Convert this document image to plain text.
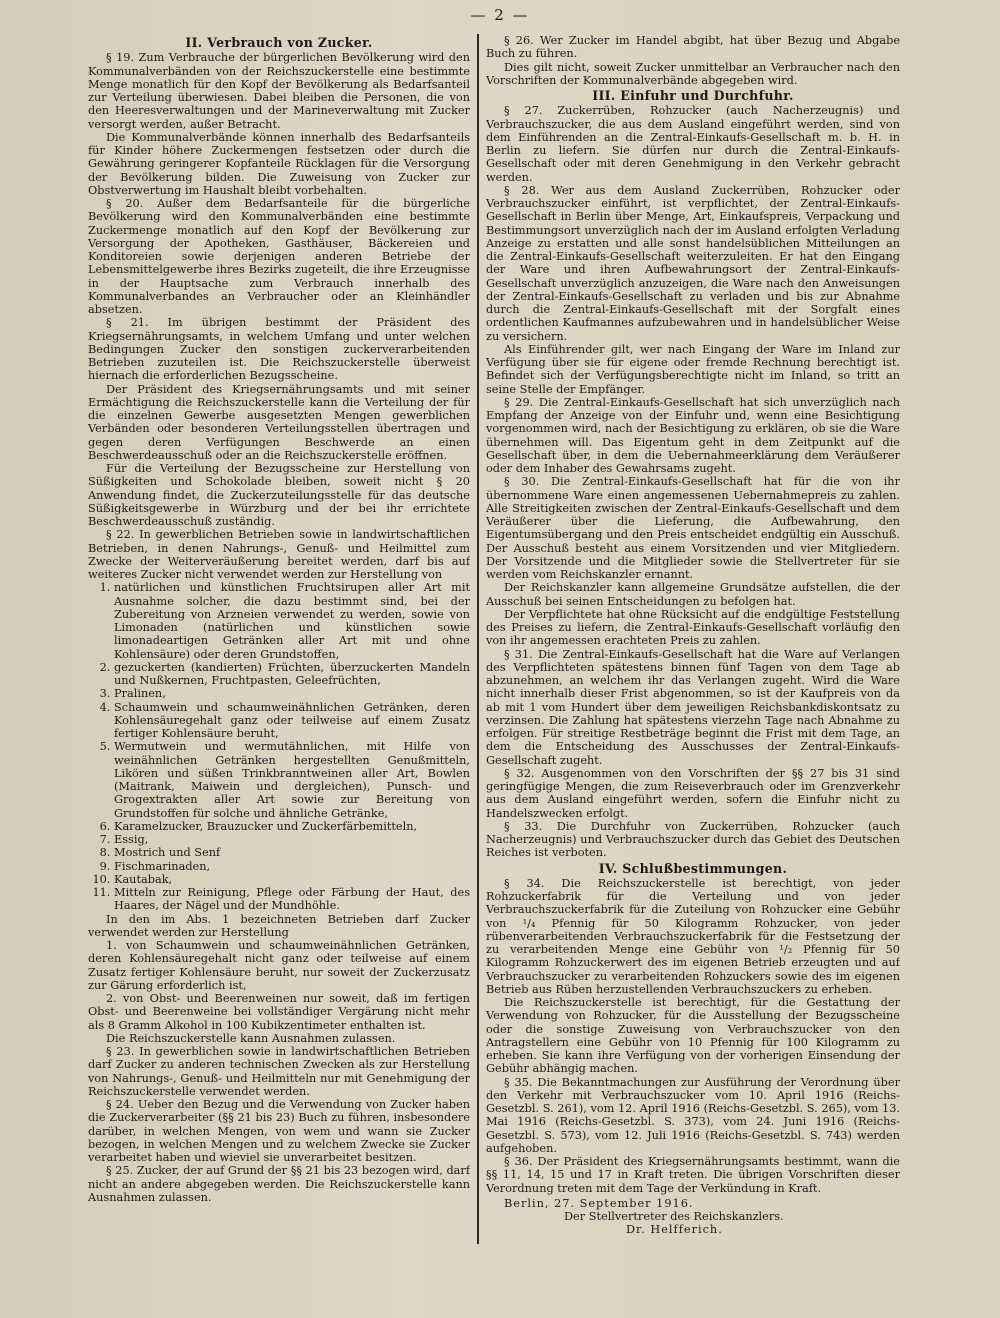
— 2 —
II. Verbrauch von Zucker.

§ 19. Zum Verbrauche der bürgerlichen Bevölkerung wird den Kommunalverbänden von der Reichszuckerstelle eine bestimmte Menge monatlich für den Kopf der Bevölkerung als Bedarfsanteil zur Verteilung überwiesen. Dabei bleiben die Personen, die von den Heeresverwaltungen und der Marineverwaltung mit Zucker versorgt werden, außer Betracht.

Die Kommunalverbände können innerhalb des Bedarfsanteils für Kinder höhere Zuckermengen festsetzen oder durch die Gewährung geringerer Kopfanteile Rücklagen für die Versorgung der Bevölkerung bilden. Die Zuweisung von Zucker zur Obstverwertung im Haushalt bleibt vorbehalten.

§ 20. Außer dem Bedarfsanteile für die bürgerliche Bevölkerung wird den Kommunalverbänden eine bestimmte Zuckermenge monatlich auf den Kopf der Bevölkerung zur Versorgung der Apotheken, Gasthäuser, Bäckereien und Konditoreien sowie derjenigen anderen Betriebe der Lebensmittelgewerbe ihres Bezirks zugeteilt, die ihre Erzeugnisse in der Hauptsache zum Verbrauch innerhalb des Kommunalverbandes an Verbraucher oder an Kleinhändler absetzen.

§ 21. Im übrigen bestimmt der Präsident des Kriegsernährungsamts, in welchem Umfang und unter welchen Bedingungen Zucker den sonstigen zuckerverarbeitenden Betrieben zuzuteilen ist. Die Reichszuckerstelle überweist hiernach die erforderlichen Bezugsscheine.

Der Präsident des Kriegsernährungsamts und mit seiner Ermächtigung die Reichszuckerstelle kann die Verteilung der für die einzelnen Gewerbe ausgesetzten Mengen gewerblichen Verbänden oder besonderen Verteilungsstellen übertragen und gegen deren Verfügungen Beschwerde an einen Beschwerdeausschuß oder an die Reichszuckerstelle eröffnen.

Für die Verteilung der Bezugsscheine zur Herstellung von Süßigkeiten und Schokolade bleiben, soweit nicht § 20 Anwendung findet, die Zuckerzuteilungsstelle für das deutsche Süßigkeitsgewerbe in Würzburg und der bei ihr errichtete Beschwerdeausschuß zuständig.

§ 22. In gewerblichen Betrieben sowie in landwirtschaftlichen Betrieben, in denen Nahrungs-, Genuß- und Heilmittel zum Zwecke der Weiterveräußerung bereitet werden, darf bis auf weiteres Zucker nicht verwendet werden zur Herstellung von

1. natürlichen und künstlichen Fruchtsirupen aller Art mit Ausnahme solcher, die dazu bestimmt sind, bei der Zubereitung von Arzneien verwendet zu werden, sowie von Limonaden (natürlichen und künstlichen sowie limonadeartigen Getränken aller Art mit und ohne Kohlensäure) oder deren Grundstoffen,
2. gezuckerten (kandierten) Früchten, überzuckerten Mandeln und Nußkernen, Fruchtpasten, Geleefrüchten,
3. Pralinen,
4. Schaumwein und schaumweinähnlichen Getränken, deren Kohlensäuregehalt ganz oder teilweise auf einem Zusatz fertiger Kohlensäure beruht,
5. Wermutwein und wermutähnlichen, mit Hilfe von weinähnlichen Getränken hergestellten Genußmitteln, Likören und süßen Trinkbranntweinen aller Art, Bowlen (Maitrank, Maiwein und dergleichen), Punsch- und Grogextrakten aller Art sowie zur Bereitung von Grundstoffen für solche und ähnliche Getränke,
6. Karamelzucker, Brauzucker und Zuckerfärbemitteln,
7. Essig,
8. Mostrich und Senf
9. Fischmarinaden,
10. Kautabak,
11. Mitteln zur Reinigung, Pflege oder Färbung der Haut, des Haares, der Nägel und der Mundhöhle.

In den im Abs. 1 bezeichneten Betrieben darf Zucker verwendet werden zur Herstellung

1. von Schaumwein und schaumweinähnlichen Getränken, deren Kohlensäuregehalt nicht ganz oder teilweise auf einem Zusatz fertiger Kohlensäure beruht, nur soweit der Zuckerzusatz zur Gärung erforderlich ist,

2. von Obst- und Beerenweinen nur soweit, daß im fertigen Obst- und Beerenweine bei vollständiger Vergärung nicht mehr als 8 Gramm Alkohol in 100 Kubikzentimeter enthalten ist.

Die Reichszuckerstelle kann Ausnahmen zulassen.

§ 23. In gewerblichen sowie in landwirtschaftlichen Betrieben darf Zucker zu anderen technischen Zwecken als zur Herstellung von Nahrungs-, Genuß- und Heilmitteln nur mit Genehmigung der Reichszuckerstelle verwendet werden.

§ 24. Ueber den Bezug und die Verwendung von Zucker haben die Zuckerverarbeiter (§§ 21 bis 23) Buch zu führen, insbesondere darüber, in welchen Mengen, von wem und wann sie Zucker bezogen, in welchen Mengen und zu welchem Zwecke sie Zucker verarbeitet haben und wieviel sie unverarbeitet besitzen.

§ 25. Zucker, der auf Grund der §§ 21 bis 23 bezogen wird, darf nicht an andere abgegeben werden. Die Reichszuckerstelle kann Ausnahmen zulassen.

§ 26. Wer Zucker im Handel abgibt, hat über Bezug und Abgabe Buch zu führen.

Dies gilt nicht, soweit Zucker unmittelbar an Verbraucher nach den Vorschriften der Kommunalverbände abgegeben wird.

III. Einfuhr und Durchfuhr.

§ 27. Zuckerrüben, Rohzucker (auch Nacherzeugnis) und Verbrauchszucker, die aus dem Ausland eingeführt werden, sind von dem Einführenden an die Zentral-Einkaufs-Gesellschaft m. b. H. in Berlin zu liefern. Sie dürfen nur durch die Zentral-Einkaufs-Gesellschaft oder mit deren Genehmigung in den Verkehr gebracht werden.

§ 28. Wer aus dem Ausland Zuckerrüben, Rohzucker oder Verbrauchszucker einführt, ist verpflichtet, der Zentral-Einkaufs-Gesellschaft in Berlin über Menge, Art, Einkaufspreis, Verpackung und Bestimmungsort unverzüglich nach der im Ausland erfolgten Verladung Anzeige zu erstatten und alle sonst handelsüblichen Mitteilungen an die Zentral-Einkaufs-Gesellschaft weiterzuleiten. Er hat den Eingang der Ware und ihren Aufbewahrungsort der Zentral-Einkaufs-Gesellschaft unverzüglich anzuzeigen, die Ware nach den Anweisungen der Zentral-Einkaufs-Gesellschaft zu verladen und bis zur Abnahme durch die Zentral-Einkaufs-Gesellschaft mit der Sorgfalt eines ordentlichen Kaufmannes aufzubewahren und in handelsüblicher Weise zu versichern.

Als Einführender gilt, wer nach Eingang der Ware im Inland zur Verfügung über sie für eigene oder fremde Rechnung berechtigt ist. Befindet sich der Verfügungsberechtigte nicht im Inland, so tritt an seine Stelle der Empfänger.

§ 29. Die Zentral-Einkaufs-Gesellschaft hat sich unverzüglich nach Empfang der Anzeige von der Einfuhr und, wenn eine Besichtigung vorgenommen wird, nach der Besichtigung zu erklären, ob sie die Ware übernehmen will. Das Eigentum geht in dem Zeitpunkt auf die Gesellschaft über, in dem die Uebernahmeerklärung dem Veräußerer oder dem Inhaber des Gewahrsams zugeht.

§ 30. Die Zentral-Einkaufs-Gesellschaft hat für die von ihr übernommene Ware einen angemessenen Uebernahmepreis zu zahlen. Alle Streitigkeiten zwischen der Zentral-Einkaufs-Gesellschaft und dem Veräußerer über die Lieferung, die Aufbewahrung, den Eigentumsübergang und den Preis entscheidet endgültig ein Ausschuß. Der Ausschuß besteht aus einem Vorsitzenden und vier Mitgliedern. Der Vorsitzende und die Mitglieder sowie die Stellvertreter für sie werden vom Reichskanzler ernannt.

Der Reichskanzler kann allgemeine Grundsätze aufstellen, die der Ausschuß bei seinen Entscheidungen zu befolgen hat.

Der Verpflichtete hat ohne Rücksicht auf die endgültige Feststellung des Preises zu liefern, die Zentral-Einkaufs-Gesellschaft vorläufig den von ihr angemessen erachteten Preis zu zahlen.

§ 31. Die Zentral-Einkaufs-Gesellschaft hat die Ware auf Verlangen des Verpflichteten spätestens binnen fünf Tagen von dem Tage ab abzunehmen, an welchem ihr das Verlangen zugeht. Wird die Ware nicht innerhalb dieser Frist abgenommen, so ist der Kaufpreis von da ab mit 1 vom Hundert über dem jeweiligen Reichsbankdiskontsatz zu verzinsen. Die Zahlung hat spätestens vierzehn Tage nach Abnahme zu erfolgen. Für streitige Restbeträge beginnt die Frist mit dem Tage, an dem die Entscheidung des Ausschusses der Zentral-Einkaufs-Gesellschaft zugeht.

§ 32. Ausgenommen von den Vorschriften der §§ 27 bis 31 sind geringfügige Mengen, die zum Reiseverbrauch oder im Grenzverkehr aus dem Ausland eingeführt werden, sofern die Einfuhr nicht zu Handelszwecken erfolgt.

§ 33. Die Durchfuhr von Zuckerrüben, Rohzucker (auch Nacherzeugnis) und Verbrauchszucker durch das Gebiet des Deutschen Reiches ist verboten.

IV. Schlußbestimmungen.

§ 34. Die Reichszuckerstelle ist berechtigt, von jeder Rohzuckerfabrik für die Verteilung und von jeder Verbrauchszuckerfabrik für die Zuteilung von Rohzucker eine Gebühr von ¹/₄ Pfennig für 50 Kilogramm Rohzucker, von jeder rübenverarbeitenden Verbrauchszuckerfabrik für die Festsetzung der zu verarbeitenden Menge eine Gebühr von ¹/₂ Pfennig für 50 Kilogramm Rohzuckerwert des im eigenen Betrieb erzeugten und auf Verbrauchszucker zu verarbeitenden Rohzuckers sowie des im eigenen Betrieb aus Rüben herzustellenden Verbrauchszuckers zu erheben.

Die Reichszuckerstelle ist berechtigt, für die Gestattung der Verwendung von Rohzucker, für die Ausstellung der Bezugsscheine oder die sonstige Zuweisung von Verbrauchszucker von den Antragstellern eine Gebühr von 10 Pfennig für 100 Kilogramm zu erheben. Sie kann ihre Verfügung von der vorherigen Einsendung der Gebühr abhängig machen.

§ 35. Die Bekanntmachungen zur Ausführung der Verordnung über den Verkehr mit Verbrauchszucker vom 10. April 1916 (Reichs-Gesetzbl. S. 261), vom 12. April 1916 (Reichs-Gesetzbl. S. 265), vom 13. Mai 1916 (Reichs-Gesetzbl. S. 373), vom 24. Juni 1916 (Reichs-Gesetzbl. S. 573), vom 12. Juli 1916 (Reichs-Gesetzbl. S. 743) werden aufgehoben.

§ 36. Der Präsident des Kriegsernährungsamts bestimmt, wann die §§ 11, 14, 15 und 17 in Kraft treten. Die übrigen Vorschriften dieser Verordnung treten mit dem Tage der Verkündung in Kraft.

Berlin, 27. September 1916.
Der Stellvertreter des Reichskanzlers.
Dr. Helfferich.
